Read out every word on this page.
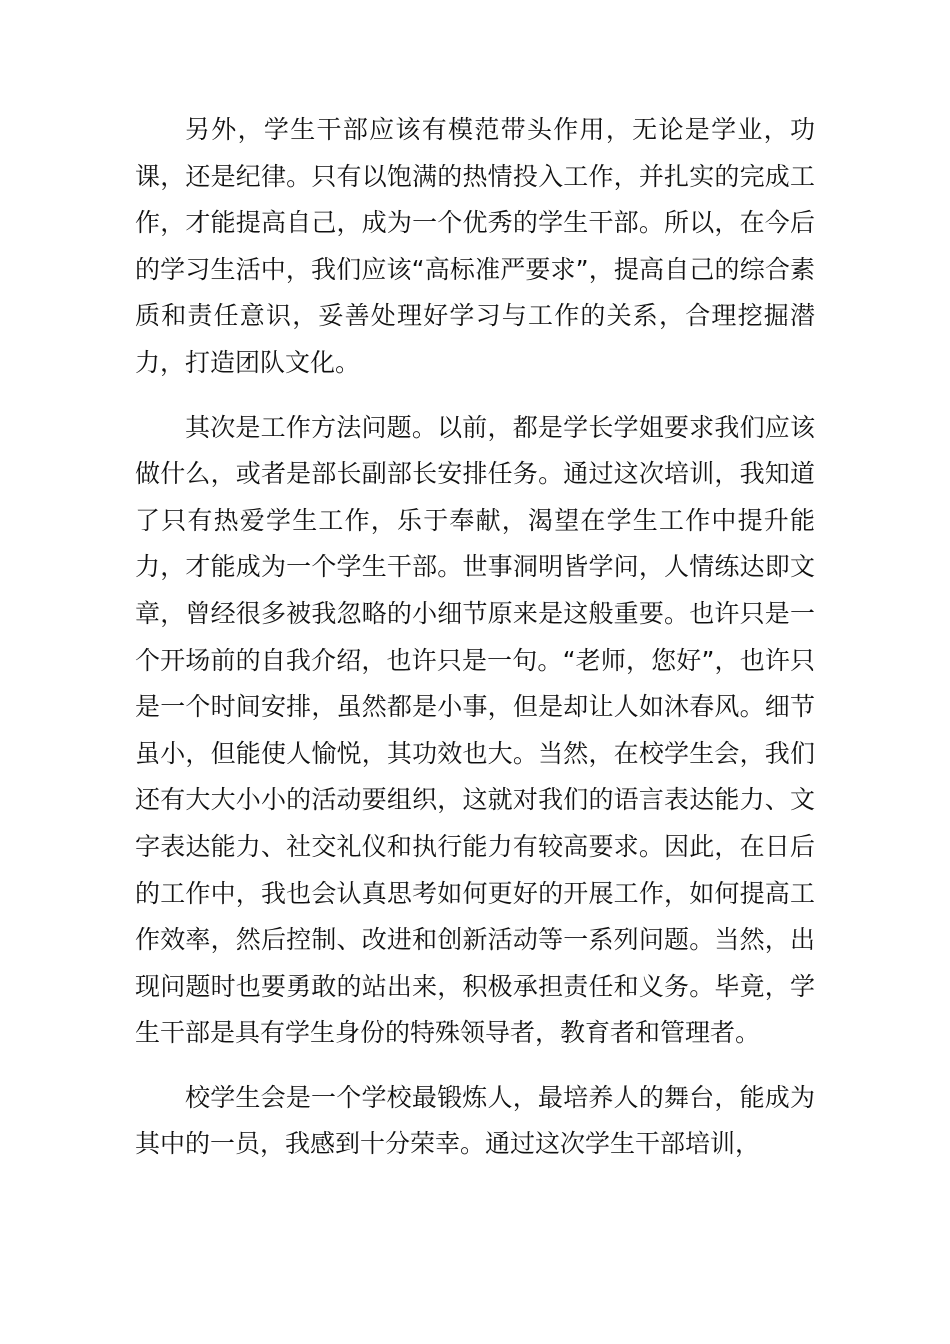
另外，学生干部应该有模范带头作用，无论是学业，功课，还是纪律。只有以饱满的热情投入工作，并扎实的完成工作，才能提高自己，成为一个优秀的学生干部。所以，在今后的学习生活中，我们应该“高标准严要求”，提高自己的综合素质和责任意识，妥善处理好学习与工作的关系，合理挖掘潜力，打造团队文化。

其次是工作方法问题。以前，都是学长学姐要求我们应该做什么，或者是部长副部长安排任务。通过这次培训，我知道了只有热爱学生工作，乐于奉献，渴望在学生工作中提升能力，才能成为一个学生干部。世事洞明皆学问，人情练达即文章，曾经很多被我忽略的小细节原来是这般重要。也许只是一个开场前的自我介绍，也许只是一句。“老师，您好”，也许只是一个时间安排，虽然都是小事，但是却让人如沐春风。细节虽小，但能使人愉悦，其功效也大。当然，在校学生会，我们还有大大小小的活动要组织，这就对我们的语言表达能力、文字表达能力、社交礼仪和执行能力有较高要求。因此，在日后的工作中，我也会认真思考如何更好的开展工作，如何提高工作效率，然后控制、改进和创新活动等一系列问题。当然，出现问题时也要勇敢的站出来，积极承担责任和义务。毕竟，学生干部是具有学生身份的特殊领导者，教育者和管理者。

校学生会是一个学校最锻炼人，最培养人的舞台，能成为其中的一员，我感到十分荣幸。通过这次学生干部培训，
